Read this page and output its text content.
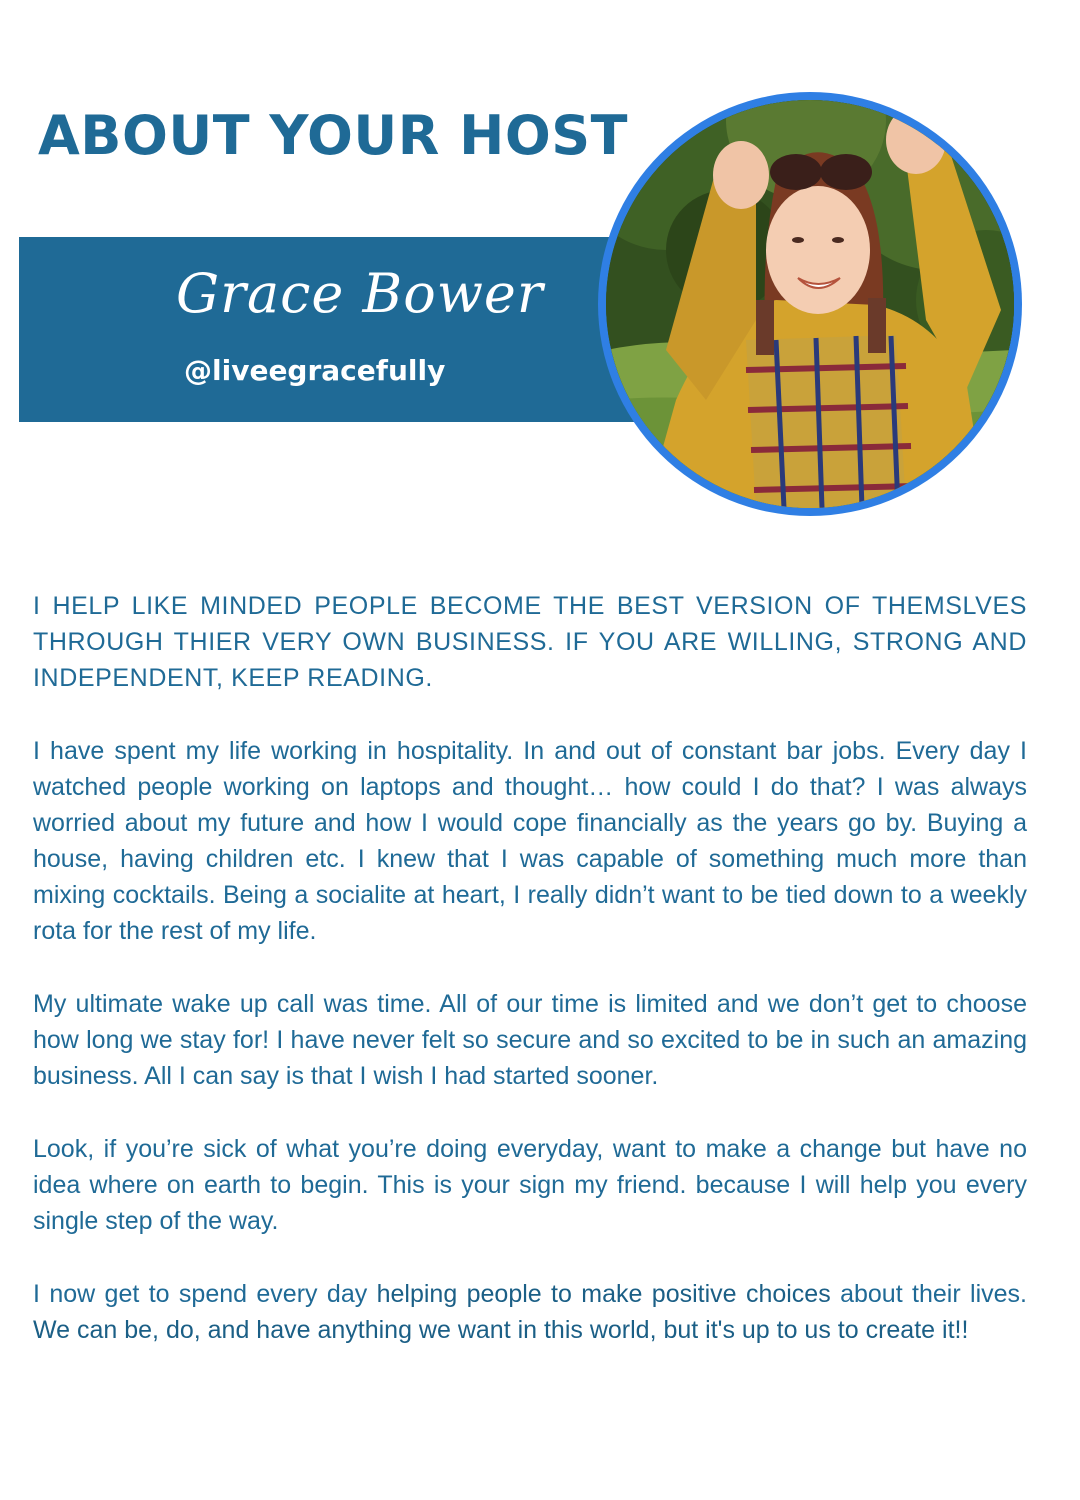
ABOUT YOUR HOST
Grace Bower

@liveegracefully

I HELP LIKE MINDED PEOPLE BECOME THE BEST VERSION OF THEMSLVES THROUGH THIER VERY OWN BUSINESS. IF YOU ARE WILLING, STRONG AND INDEPENDENT, KEEP READING.

I have spent my life working in hospitality. In and out of constant bar jobs. Every day I watched people working on laptops and thought… how could I do that? I was always worried about my future and how I would cope financially as the years go by. Buying a house, having children etc. I knew that I was capable of something much more than mixing cocktails. Being a socialite at heart, I really didn’t want to be tied down to a weekly rota for the rest of my life.

My ultimate wake up call was time. All of our time is limited and we don’t get to choose how long we stay for! I have never felt so secure and so excited to be in such an amazing business. All I can say is that I wish I had started sooner.

Look, if you’re sick of what you’re doing everyday, want to make a change but have no idea where on earth to begin. This is your sign my friend. because I will help you every single step of the way.

I now get to spend every day helping people to make positive choices about their lives. We can be, do, and have anything we want in this world, but it's up to us to create it!!
